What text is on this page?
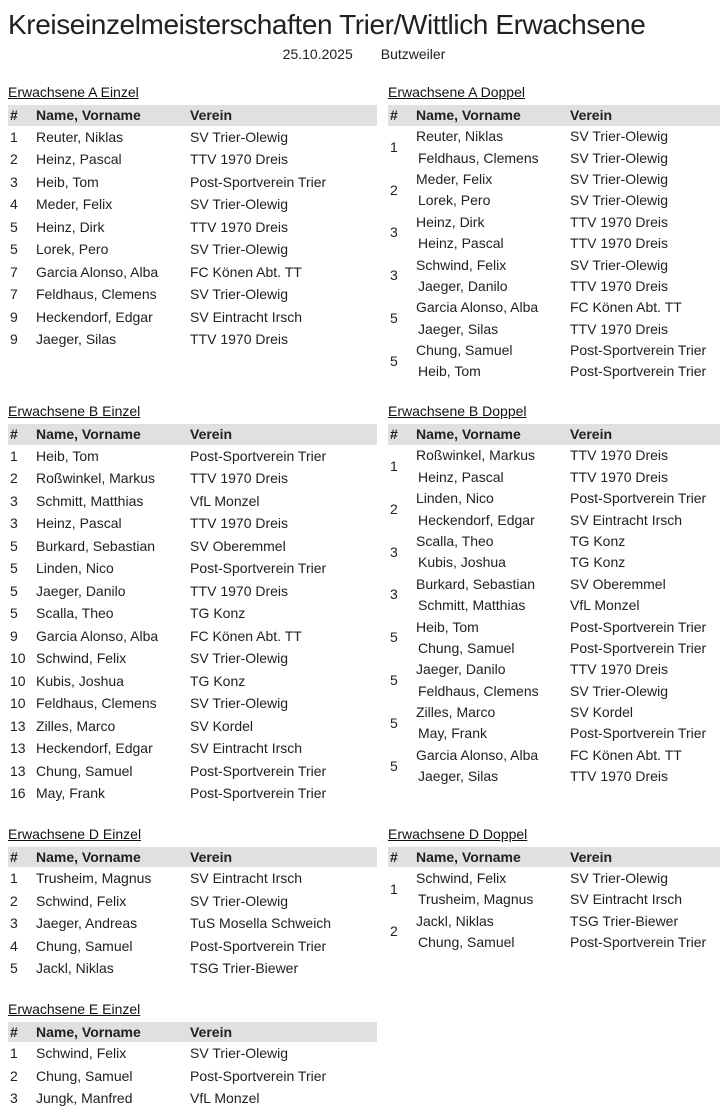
Kreiseinzelmeisterschaften Trier/Wittlich Erwachsene
25.10.2025 Butzweiler
Erwachsene A Einzel
#	Name, Vorname	Verein
1	Reuter, Niklas	SV Trier-Olewig
2	Heinz, Pascal	TTV 1970 Dreis
3	Heib, Tom	Post-Sportverein Trier
4	Meder, Felix	SV Trier-Olewig
5	Heinz, Dirk	TTV 1970 Dreis
5	Lorek, Pero	SV Trier-Olewig
7	Garcia Alonso, Alba	FC Könen Abt. TT
7	Feldhaus, Clemens	SV Trier-Olewig
9	Heckendorf, Edgar	SV Eintracht Irsch
9	Jaeger, Silas	TTV 1970 Dreis
Erwachsene A Doppel
#	Name, Vorname	Verein
1	Reuter, Niklas	SV Trier-Olewig
	Feldhaus, Clemens	SV Trier-Olewig
2	Meder, Felix	SV Trier-Olewig
	Lorek, Pero	SV Trier-Olewig
3	Heinz, Dirk	TTV 1970 Dreis
	Heinz, Pascal	TTV 1970 Dreis
3	Schwind, Felix	SV Trier-Olewig
	Jaeger, Danilo	TTV 1970 Dreis
5	Garcia Alonso, Alba	FC Könen Abt. TT
	Jaeger, Silas	TTV 1970 Dreis
5	Chung, Samuel	Post-Sportverein Trier
	Heib, Tom	Post-Sportverein Trier
Erwachsene B Einzel
#	Name, Vorname	Verein
1	Heib, Tom	Post-Sportverein Trier
2	Roßwinkel, Markus	TTV 1970 Dreis
3	Schmitt, Matthias	VfL Monzel
3	Heinz, Pascal	TTV 1970 Dreis
5	Burkard, Sebastian	SV Oberemmel
5	Linden, Nico	Post-Sportverein Trier
5	Jaeger, Danilo	TTV 1970 Dreis
5	Scalla, Theo	TG Konz
9	Garcia Alonso, Alba	FC Könen Abt. TT
10	Schwind, Felix	SV Trier-Olewig
10	Kubis, Joshua	TG Konz
10	Feldhaus, Clemens	SV Trier-Olewig
13	Zilles, Marco	SV Kordel
13	Heckendorf, Edgar	SV Eintracht Irsch
13	Chung, Samuel	Post-Sportverein Trier
16	May, Frank	Post-Sportverein Trier
Erwachsene B Doppel
#	Name, Vorname	Verein
1	Roßwinkel, Markus	TTV 1970 Dreis
	Heinz, Pascal	TTV 1970 Dreis
2	Linden, Nico	Post-Sportverein Trier
	Heckendorf, Edgar	SV Eintracht Irsch
3	Scalla, Theo	TG Konz
	Kubis, Joshua	TG Konz
3	Burkard, Sebastian	SV Oberemmel
	Schmitt, Matthias	VfL Monzel
5	Heib, Tom	Post-Sportverein Trier
	Chung, Samuel	Post-Sportverein Trier
5	Jaeger, Danilo	TTV 1970 Dreis
	Feldhaus, Clemens	SV Trier-Olewig
5	Zilles, Marco	SV Kordel
	May, Frank	Post-Sportverein Trier
5	Garcia Alonso, Alba	FC Könen Abt. TT
	Jaeger, Silas	TTV 1970 Dreis
Erwachsene D Einzel
#	Name, Vorname	Verein
1	Trusheim, Magnus	SV Eintracht Irsch
2	Schwind, Felix	SV Trier-Olewig
3	Jaeger, Andreas	TuS Mosella Schweich
4	Chung, Samuel	Post-Sportverein Trier
5	Jackl, Niklas	TSG Trier-Biewer
Erwachsene D Doppel
#	Name, Vorname	Verein
1	Schwind, Felix	SV Trier-Olewig
	Trusheim, Magnus	SV Eintracht Irsch
2	Jackl, Niklas	TSG Trier-Biewer
	Chung, Samuel	Post-Sportverein Trier
Erwachsene E Einzel
#	Name, Vorname	Verein
1	Schwind, Felix	SV Trier-Olewig
2	Chung, Samuel	Post-Sportverein Trier
3	Jungk, Manfred	VfL Monzel
